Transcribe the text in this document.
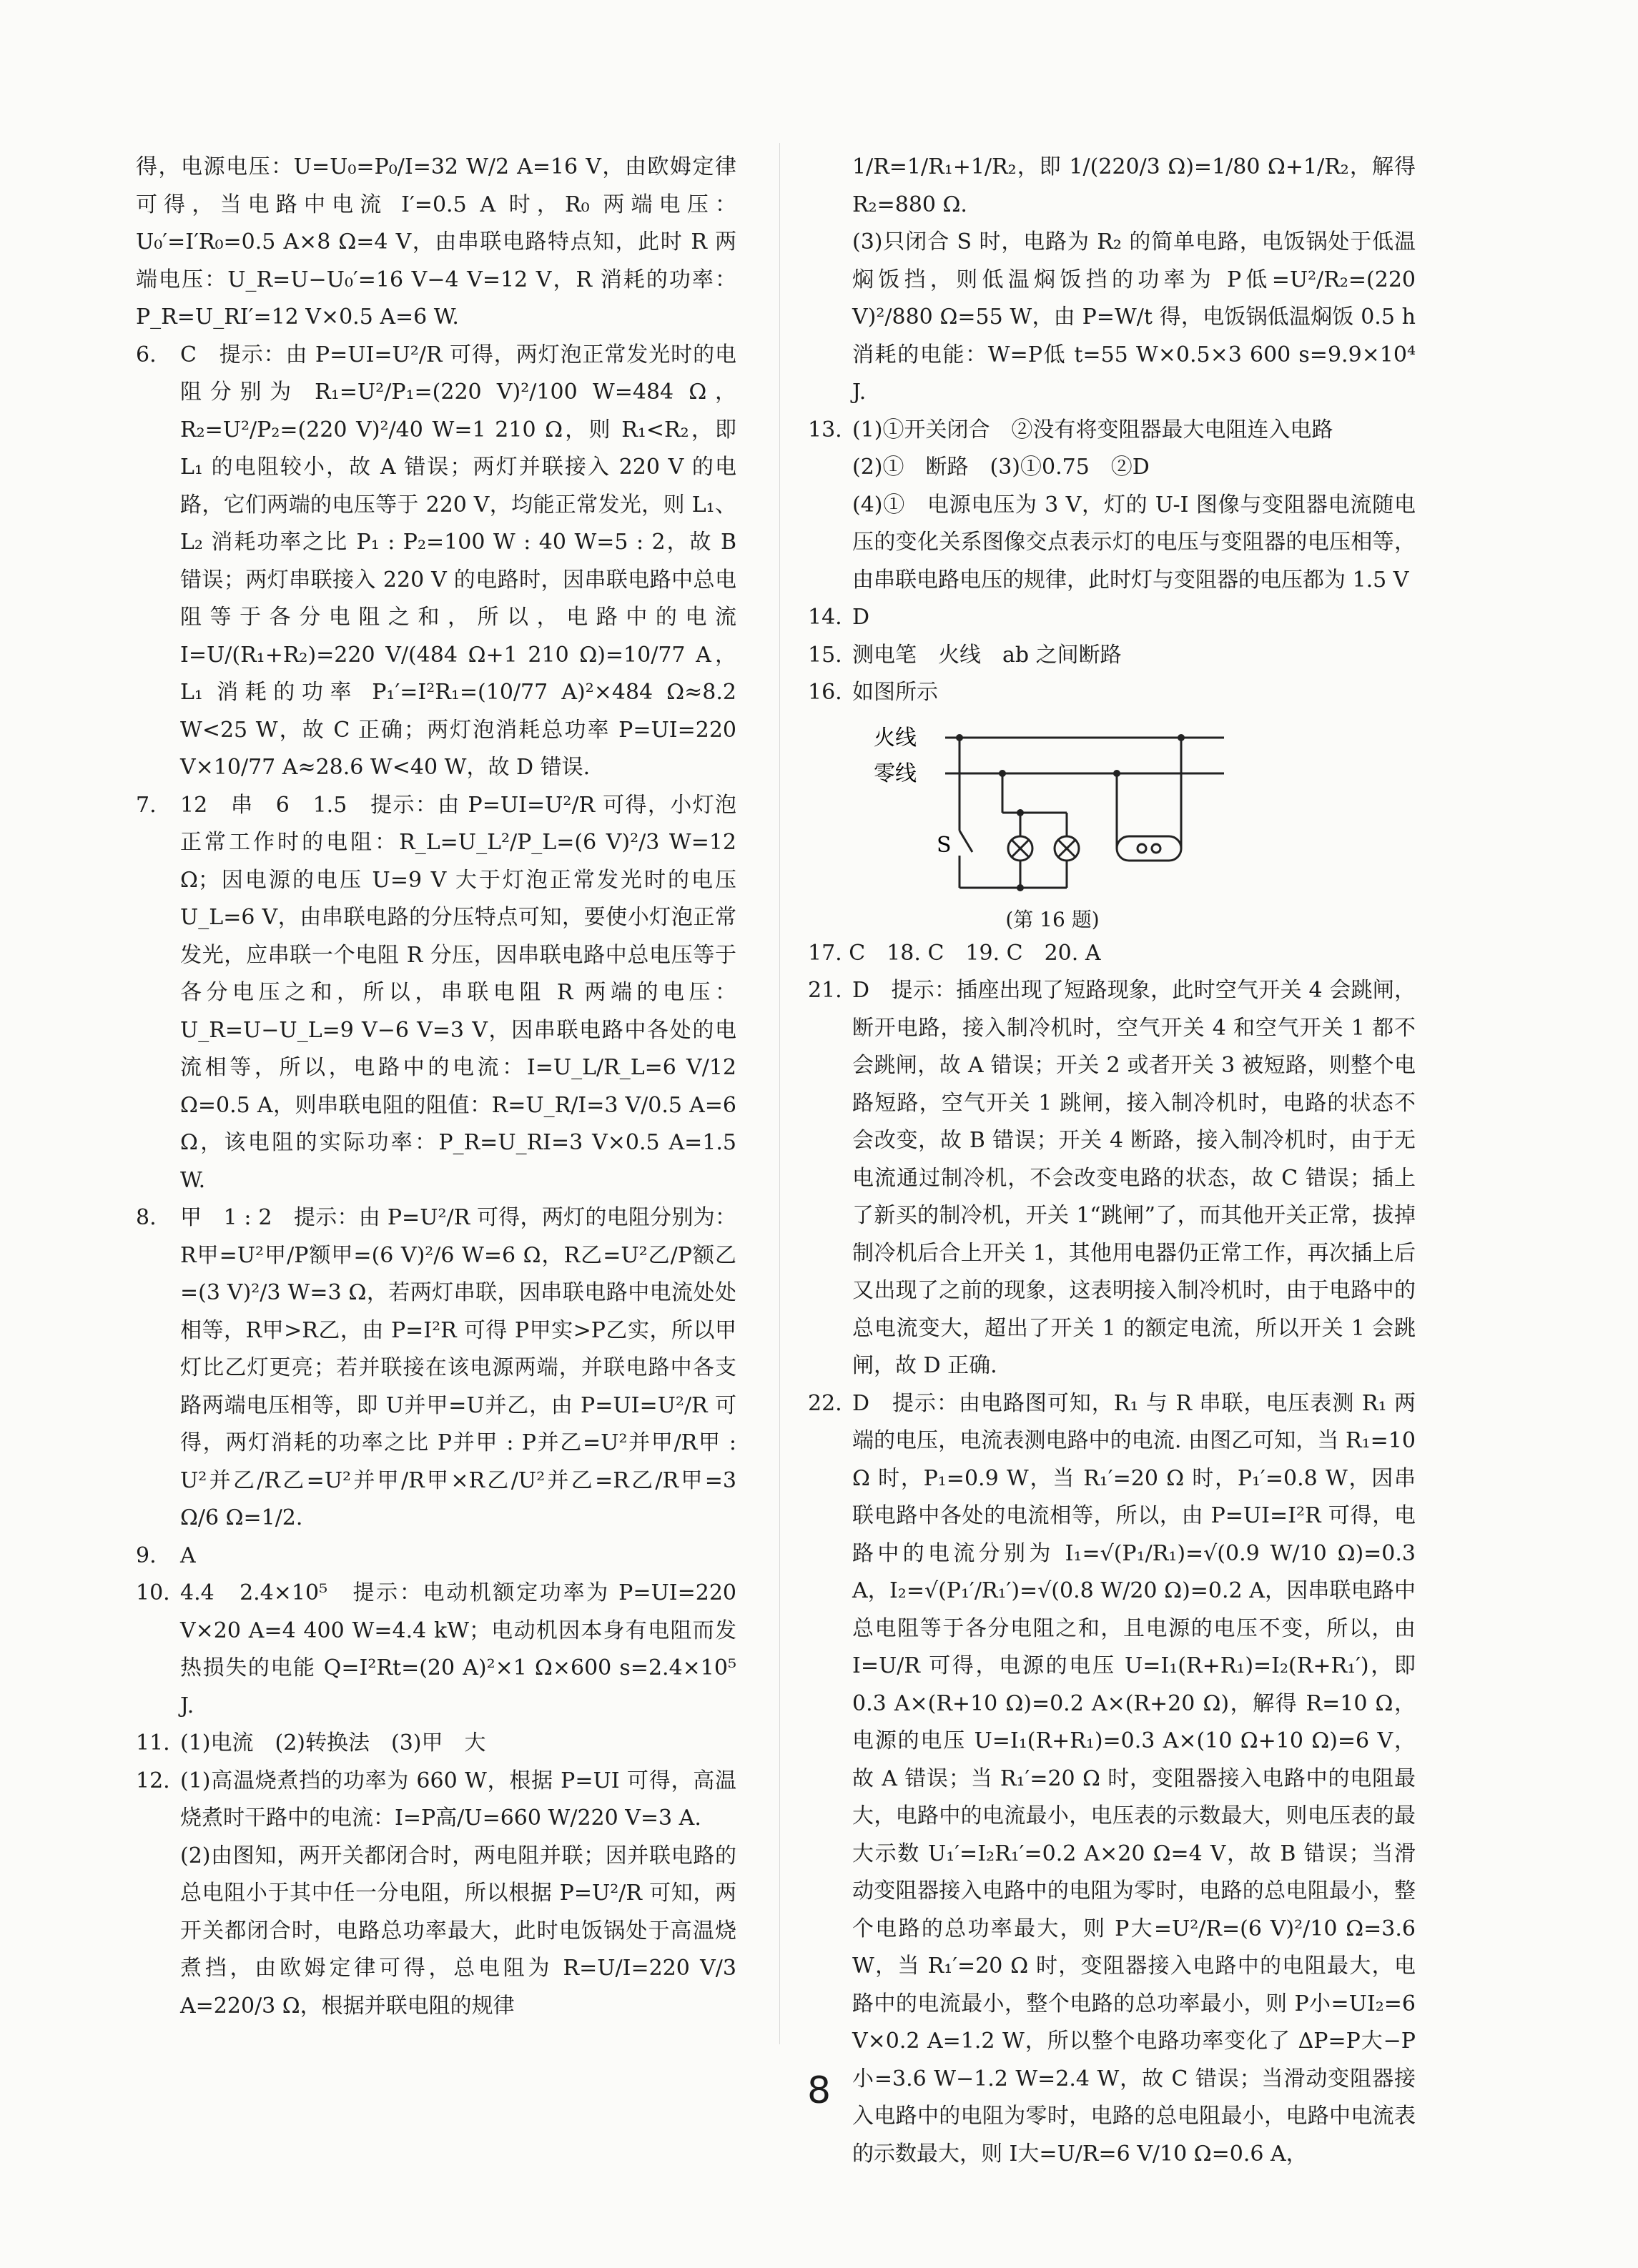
得，电源电压：U=U₀=P₀/I=32 W/2 A=16 V，由欧姆定律可得，当电路中电流 I′=0.5 A 时，R₀ 两端电压：U₀′=I′R₀=0.5 A×8 Ω=4 V，由串联电路特点知，此时 R 两端电压：U_R=U−U₀′=16 V−4 V=12 V，R 消耗的功率：P_R=U_RI′=12 V×0.5 A=6 W.
6.	C　提示：由 P=UI=U²/R 可得，两灯泡正常发光时的电阻分别为 R₁=U²/P₁=(220 V)²/100 W=484 Ω，R₂=U²/P₂=(220 V)²/40 W=1 210 Ω，则 R₁<R₂，即 L₁ 的电阻较小，故 A 错误；两灯并联接入 220 V 的电路，它们两端的电压等于 220 V，均能正常发光，则 L₁、L₂ 消耗功率之比 P₁ : P₂=100 W : 40 W=5 : 2，故 B 错误；两灯串联接入 220 V 的电路时，因串联电路中总电阻等于各分电阻之和，所以，电路中的电流 I=U/(R₁+R₂)=220 V/(484 Ω+1 210 Ω)=10/77 A，L₁ 消耗的功率 P₁′=I²R₁=(10/77 A)²×484 Ω≈8.2 W<25 W，故 C 正确；两灯泡消耗总功率 P=UI=220 V×10/77 A≈28.6 W<40 W，故 D 错误.
7.	12　串　6　1.5　提示：由 P=UI=U²/R 可得，小灯泡正常工作时的电阻：R_L=U_L²/P_L=(6 V)²/3 W=12 Ω；因电源的电压 U=9 V 大于灯泡正常发光时的电压 U_L=6 V，由串联电路的分压特点可知，要使小灯泡正常发光，应串联一个电阻 R 分压，因串联电路中总电压等于各分电压之和，所以，串联电阻 R 两端的电压：U_R=U−U_L=9 V−6 V=3 V，因串联电路中各处的电流相等，所以，电路中的电流：I=U_L/R_L=6 V/12 Ω=0.5 A，则串联电阻的阻值：R=U_R/I=3 V/0.5 A=6 Ω，该电阻的实际功率：P_R=U_RI=3 V×0.5 A=1.5 W.
8.	甲　1 : 2　提示：由 P=U²/R 可得，两灯的电阻分别为：R甲=U²甲/P额甲=(6 V)²/6 W=6 Ω，R乙=U²乙/P额乙=(3 V)²/3 W=3 Ω，若两灯串联，因串联电路中电流处处相等，R甲>R乙，由 P=I²R 可得 P甲实>P乙实，所以甲灯比乙灯更亮；若并联接在该电源两端，并联电路中各支路两端电压相等，即 U并甲=U并乙，由 P=UI=U²/R 可得，两灯消耗的功率之比 P并甲 : P并乙=U²并甲/R甲 : U²并乙/R乙=U²并甲/R甲×R乙/U²并乙=R乙/R甲=3 Ω/6 Ω=1/2.
9.	A
10. 4.4　2.4×10⁵　提示：电动机额定功率为 P=UI=220 V×20 A=4 400 W=4.4 kW；电动机因本身有电阻而发热损失的电能 Q=I²Rt=(20 A)²×1 Ω×600 s=2.4×10⁵ J.
11. (1)电流　(2)转换法　(3)甲　大
12. (1)高温烧煮挡的功率为 660 W，根据 P=UI 可得，高温烧煮时干路中的电流：I=P高/U=660 W/220 V=3 A.
(2)由图知，两开关都闭合时，两电阻并联；因并联电路的总电阻小于其中任一分电阻，所以根据 P=U²/R 可知，两开关都闭合时，电路总功率最大，此时电饭锅处于高温烧煮挡，由欧姆定律可得，总电阻为 R=U/I=220 V/3 A=220/3 Ω，根据并联电阻的规律
1/R=1/R₁+1/R₂，即 1/(220/3 Ω)=1/80 Ω+1/R₂，解得 R₂=880 Ω.
(3)只闭合 S 时，电路为 R₂ 的简单电路，电饭锅处于低温焖饭挡，则低温焖饭挡的功率为 P低=U²/R₂=(220 V)²/880 Ω=55 W，由 P=W/t 得，电饭锅低温焖饭 0.5 h 消耗的电能：W=P低 t=55 W×0.5×3 600 s=9.9×10⁴ J.
13. (1)①开关闭合　②没有将变阻器最大电阻连入电路
(2)①　断路　(3)①0.75　②D
(4)①　电源电压为 3 V，灯的 U-I 图像与变阻器电流随电压的变化关系图像交点表示灯的电压与变阻器的电压相等，由串联电路电压的规律，此时灯与变阻器的电压都为 1.5 V
14. D
15. 测电笔　火线　ab 之间断路
16. 如图所示
火线
零线
S
(第 16 题)
17. C　18. C　19. C　20. A
21. D　提示：插座出现了短路现象，此时空气开关 4 会跳闸，断开电路，接入制冷机时，空气开关 4 和空气开关 1 都不会跳闸，故 A 错误；开关 2 或者开关 3 被短路，则整个电路短路，空气开关 1 跳闸，接入制冷机时，电路的状态不会改变，故 B 错误；开关 4 断路，接入制冷机时，由于无电流通过制冷机，不会改变电路的状态，故 C 错误；插上了新买的制冷机，开关 1“跳闸”了，而其他开关正常，拔掉制冷机后合上开关 1，其他用电器仍正常工作，再次插上后又出现了之前的现象，这表明接入制冷机时，由于电路中的总电流变大，超出了开关 1 的额定电流，所以开关 1 会跳闸，故 D 正确.
22. D　提示：由电路图可知，R₁ 与 R 串联，电压表测 R₁ 两端的电压，电流表测电路中的电流. 由图乙可知，当 R₁=10 Ω 时，P₁=0.9 W，当 R₁′=20 Ω 时，P₁′=0.8 W，因串联电路中各处的电流相等，所以，由 P=UI=I²R 可得，电路中的电流分别为 I₁=√(P₁/R₁)=√(0.9 W/10 Ω)=0.3 A，I₂=√(P₁′/R₁′)=√(0.8 W/20 Ω)=0.2 A，因串联电路中总电阻等于各分电阻之和，且电源的电压不变，所以，由 I=U/R 可得，电源的电压 U=I₁(R+R₁)=I₂(R+R₁′)，即 0.3 A×(R+10 Ω)=0.2 A×(R+20 Ω)，解得 R=10 Ω，电源的电压 U=I₁(R+R₁)=0.3 A×(10 Ω+10 Ω)=6 V，故 A 错误；当 R₁′=20 Ω 时，变阻器接入电路中的电阻最大，电路中的电流最小，电压表的示数最大，则电压表的最大示数 U₁′=I₂R₁′=0.2 A×20 Ω=4 V，故 B 错误；当滑动变阻器接入电路中的电阻为零时，电路的总电阻最小，整个电路的总功率最大，则 P大=U²/R=(6 V)²/10 Ω=3.6 W，当 R₁′=20 Ω 时，变阻器接入电路中的电阻最大，电路中的电流最小，整个电路的总功率最小，则 P小=UI₂=6 V×0.2 A=1.2 W，所以整个电路功率变化了 ΔP=P大−P小=3.6 W−1.2 W=2.4 W，故 C 错误；当滑动变阻器接入电路中的电阻为零时，电路的总电阻最小，电路中电流表的示数最大，则 I大=U/R=6 V/10 Ω=0.6 A，
8
